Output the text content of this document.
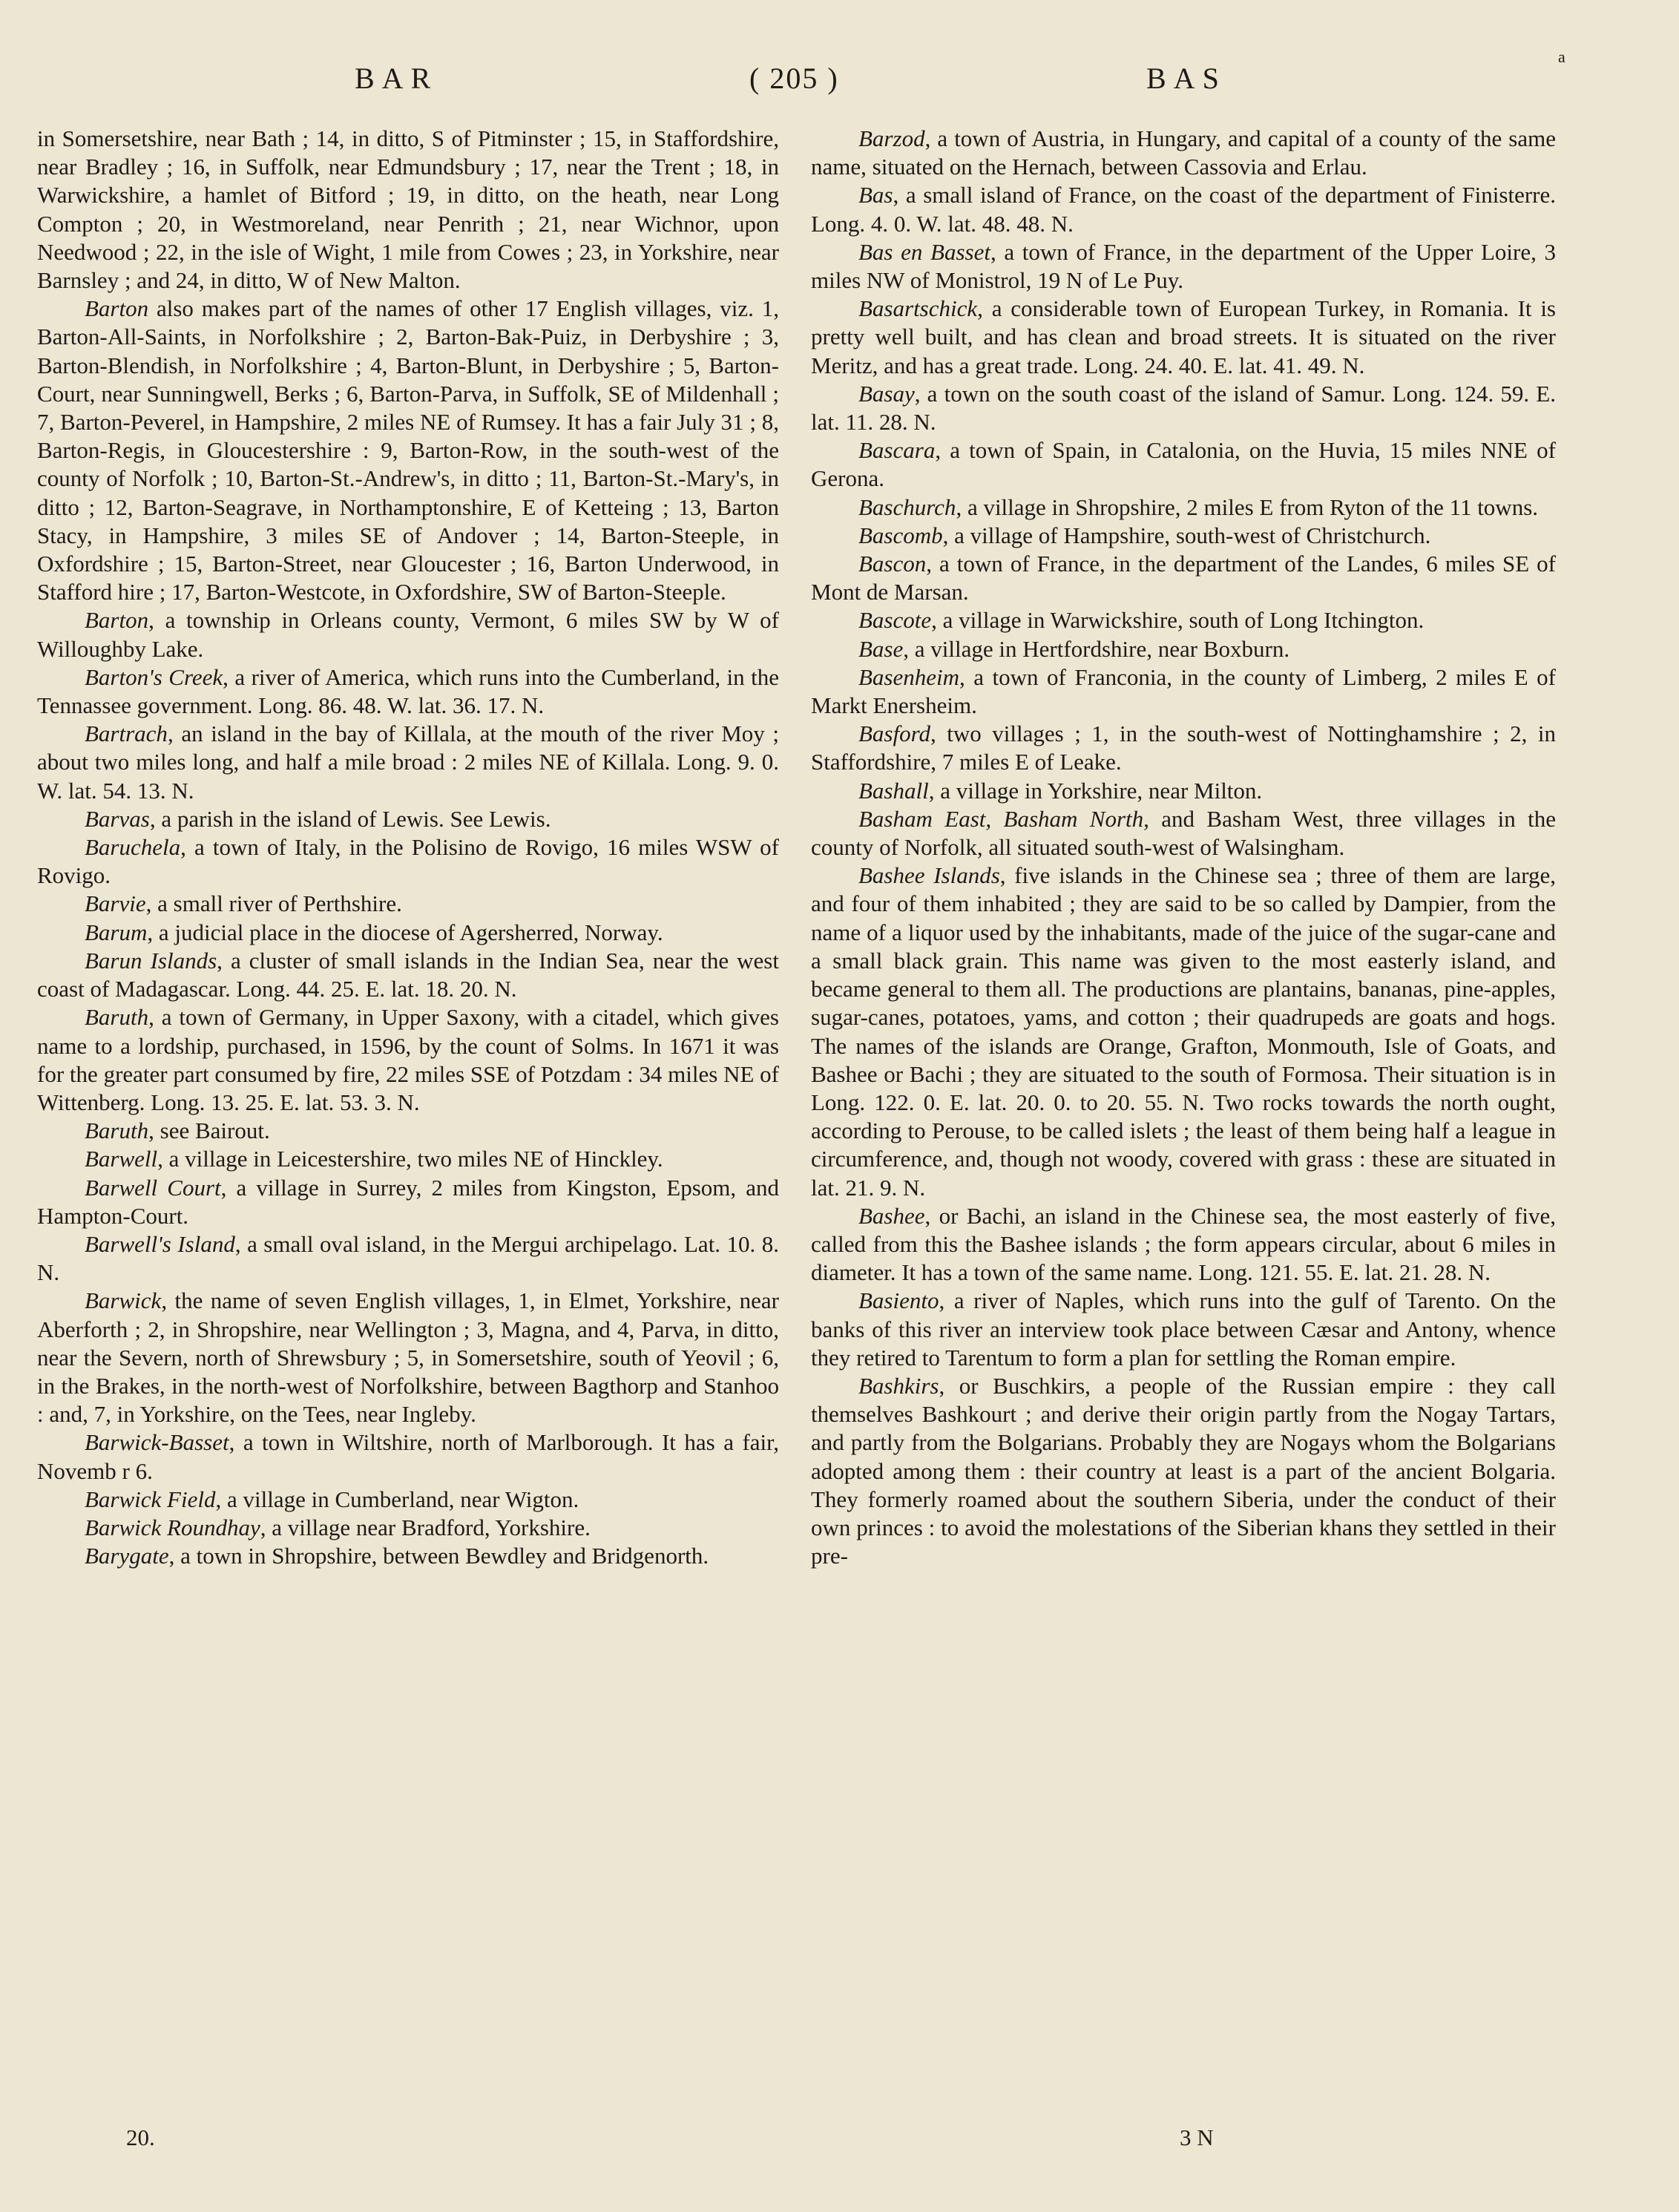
BAR	( 205 )	BAS
a

in Somersetshire, near Bath ; 14, in ditto, S of Pitminster ; 15, in Staffordshire, near Bradley ; 16, in Suffolk, near Edmundsbury ; 17, near the Trent ; 18, in Warwickshire, a hamlet of Bitford ; 19, in ditto, on the heath, near Long Compton ; 20, in Westmoreland, near Penrith ; 21, near Wichnor, upon Needwood ; 22, in the isle of Wight, 1 mile from Cowes ; 23, in Yorkshire, near Barnsley ; and 24, in ditto, W of New Malton.

Barton also makes part of the names of other 17 English villages, viz. 1, Barton-All-Saints, in Norfolkshire ; 2, Barton-Bak-Puiz, in Derbyshire ; 3, Barton-Blendish, in Norfolkshire ; 4, Barton-Blunt, in Derbyshire ; 5, Barton-Court, near Sunningwell, Berks ; 6, Barton-Parva, in Suffolk, SE of Mildenhall ; 7, Barton-Peverel, in Hampshire, 2 miles NE of Rumsey. It has a fair July 31 ; 8, Barton-Regis, in Gloucestershire : 9, Barton-Row, in the south-west of the county of Norfolk ; 10, Barton-St.-Andrew's, in ditto ; 11, Barton-St.-Mary's, in ditto ; 12, Barton-Seagrave, in Northamptonshire, E of Ketteing ; 13, Barton Stacy, in Hampshire, 3 miles SE of Andover ; 14, Barton-Steeple, in Oxfordshire ; 15, Barton-Street, near Gloucester ; 16, Barton Underwood, in Stafford hire ; 17, Barton-Westcote, in Oxfordshire, SW of Barton-Steeple.

Barton, a township in Orleans county, Vermont, 6 miles SW by W of Willoughby Lake.

Barton's Creek, a river of America, which runs into the Cumberland, in the Tennassee government. Long. 86. 48. W. lat. 36. 17. N.

Bartrach, an island in the bay of Killala, at the mouth of the river Moy ; about two miles long, and half a mile broad : 2 miles NE of Killala. Long. 9. 0. W. lat. 54. 13. N.

Barvas, a parish in the island of Lewis. See Lewis.

Baruchela, a town of Italy, in the Polisino de Rovigo, 16 miles WSW of Rovigo.

Barvie, a small river of Perthshire.

Barum, a judicial place in the diocese of Agersherred, Norway.

Barun Islands, a cluster of small islands in the Indian Sea, near the west coast of Madagascar. Long. 44. 25. E. lat. 18. 20. N.

Baruth, a town of Germany, in Upper Saxony, with a citadel, which gives name to a lordship, purchased, in 1596, by the count of Solms. In 1671 it was for the greater part consumed by fire, 22 miles SSE of Potzdam : 34 miles NE of Wittenberg. Long. 13. 25. E. lat. 53. 3. N.

Baruth, see Bairout.

Barwell, a village in Leicestershire, two miles NE of Hinckley.

Barwell Court, a village in Surrey, 2 miles from Kingston, Epsom, and Hampton-Court.

Barwell's Island, a small oval island, in the Mergui archipelago. Lat. 10. 8. N.

Barwick, the name of seven English villages, 1, in Elmet, Yorkshire, near Aberforth ; 2, in Shropshire, near Wellington ; 3, Magna, and 4, Parva, in ditto, near the Severn, north of Shrewsbury ; 5, in Somersetshire, south of Yeovil ; 6, in the Brakes, in the north-west of Norfolkshire, between Bagthorp and Stanhoo : and, 7, in Yorkshire, on the Tees, near Ingleby.

Barwick-Basset, a town in Wiltshire, north of Marlborough. It has a fair, Novemb r 6.

Barwick Field, a village in Cumberland, near Wigton.

Barwick Roundhay, a village near Bradford, Yorkshire.

Barygate, a town in Shropshire, between Bewdley and Bridgenorth.

Barzod, a town of Austria, in Hungary, and capital of a county of the same name, situated on the Hernach, between Cassovia and Erlau.

Bas, a small island of France, on the coast of the department of Finisterre. Long. 4. 0. W. lat. 48. 48. N.

Bas en Basset, a town of France, in the department of the Upper Loire, 3 miles NW of Monistrol, 19 N of Le Puy.

Basartschick, a considerable town of European Turkey, in Romania. It is pretty well built, and has clean and broad streets. It is situated on the river Meritz, and has a great trade. Long. 24. 40. E. lat. 41. 49. N.

Basay, a town on the south coast of the island of Samur. Long. 124. 59. E. lat. 11. 28. N.

Bascara, a town of Spain, in Catalonia, on the Huvia, 15 miles NNE of Gerona.

Baschurch, a village in Shropshire, 2 miles E from Ryton of the 11 towns.

Bascomb, a village of Hampshire, south-west of Christchurch.

Bascon, a town of France, in the department of the Landes, 6 miles SE of Mont de Marsan.

Bascote, a village in Warwickshire, south of Long Itchington.

Base, a village in Hertfordshire, near Boxburn.

Basenheim, a town of Franconia, in the county of Limberg, 2 miles E of Markt Enersheim.

Basford, two villages ; 1, in the south-west of Nottinghamshire ; 2, in Staffordshire, 7 miles E of Leake.

Bashall, a village in Yorkshire, near Milton.

Basham East, Basham North, and Basham West, three villages in the county of Norfolk, all situated south-west of Walsingham.

Bashee Islands, five islands in the Chinese sea ; three of them are large, and four of them inhabited ; they are said to be so called by Dampier, from the name of a liquor used by the inhabitants, made of the juice of the sugar-cane and a small black grain. This name was given to the most easterly island, and became general to them all. The productions are plantains, bananas, pine-apples, sugar-canes, potatoes, yams, and cotton ; their quadrupeds are goats and hogs. The names of the islands are Orange, Grafton, Monmouth, Isle of Goats, and Bashee or Bachi ; they are situated to the south of Formosa. Their situation is in Long. 122. 0. E. lat. 20. 0. to 20. 55. N. Two rocks towards the north ought, according to Perouse, to be called islets ; the least of them being half a league in circumference, and, though not woody, covered with grass : these are situated in lat. 21. 9. N.

Bashee, or Bachi, an island in the Chinese sea, the most easterly of five, called from this the Bashee islands ; the form appears circular, about 6 miles in diameter. It has a town of the same name. Long. 121. 55. E. lat. 21. 28. N.

Basiento, a river of Naples, which runs into the gulf of Tarento. On the banks of this river an interview took place between Cæsar and Antony, whence they retired to Tarentum to form a plan for settling the Roman empire.

Bashkirs, or Buschkirs, a people of the Russian empire : they call themselves Bashkourt ; and derive their origin partly from the Nogay Tartars, and partly from the Bolgarians. Probably they are Nogays whom the Bolgarians adopted among them : their country at least is a part of the ancient Bolgaria. They formerly roamed about the southern Siberia, under the conduct of their own princes : to avoid the molestations of the Siberian khans they settled in their pre-

20.	3 N
